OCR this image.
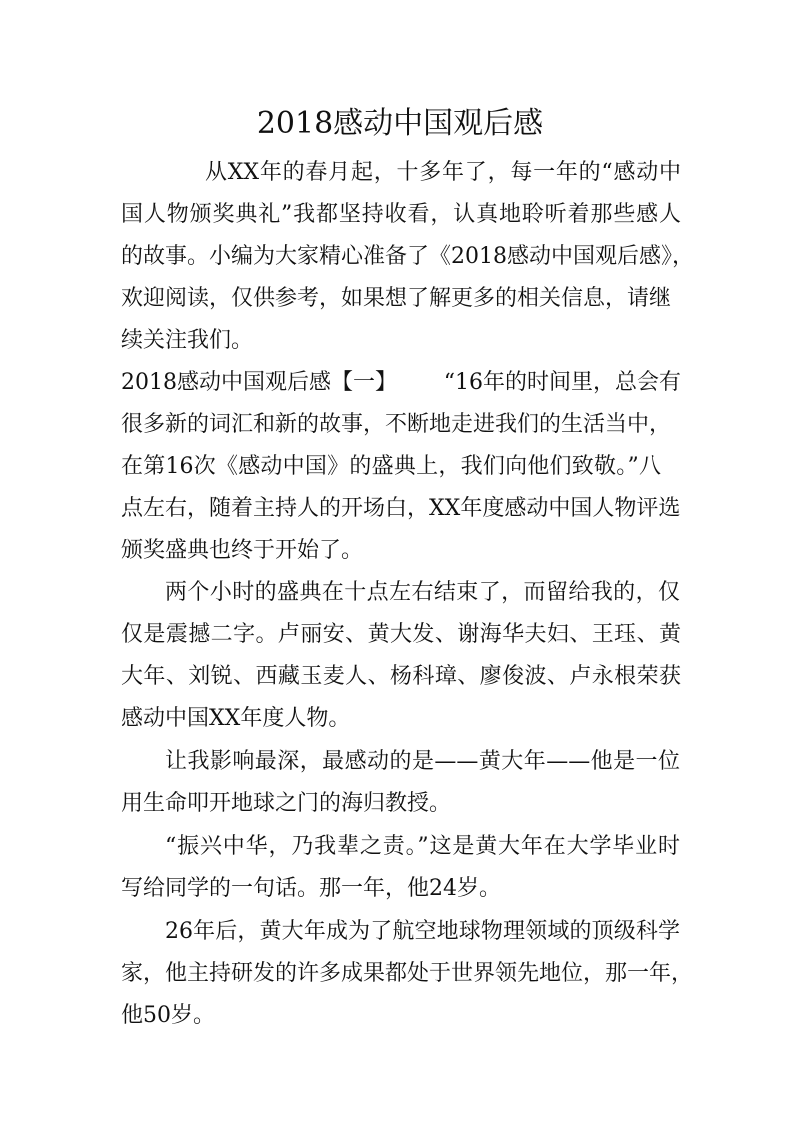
2018感动中国观后感
从XX年的春月起，十多年了，每一年的“感动中
国人物颁奖典礼”我都坚持收看，认真地聆听着那些感人
的故事。小编为大家精心准备了《2018感动中国观后感》，
欢迎阅读，仅供参考，如果想了解更多的相关信息，请继
续关注我们。
2018感动中国观后感【一】 “16年的时间里，总会有
很多新的词汇和新的故事，不断地走进我们的生活当中，
在第16次《感动中国》的盛典上，我们向他们致敬。”八
点左右，随着主持人的开场白，XX年度感动中国人物评选
颁奖盛典也终于开始了。
两个小时的盛典在十点左右结束了，而留给我的，仅
仅是震撼二字。卢丽安、黄大发、谢海华夫妇、王珏、黄
大年、刘锐、西藏玉麦人、杨科璋、廖俊波、卢永根荣获
感动中国XX年度人物。
让我影响最深，最感动的是——黄大年——他是一位
用生命叩开地球之门的海归教授。
“振兴中华，乃我辈之责。”这是黄大年在大学毕业时
写给同学的一句话。那一年，他24岁。
26年后，黄大年成为了航空地球物理领域的顶级科学
家，他主持研发的许多成果都处于世界领先地位，那一年，
他50岁。
